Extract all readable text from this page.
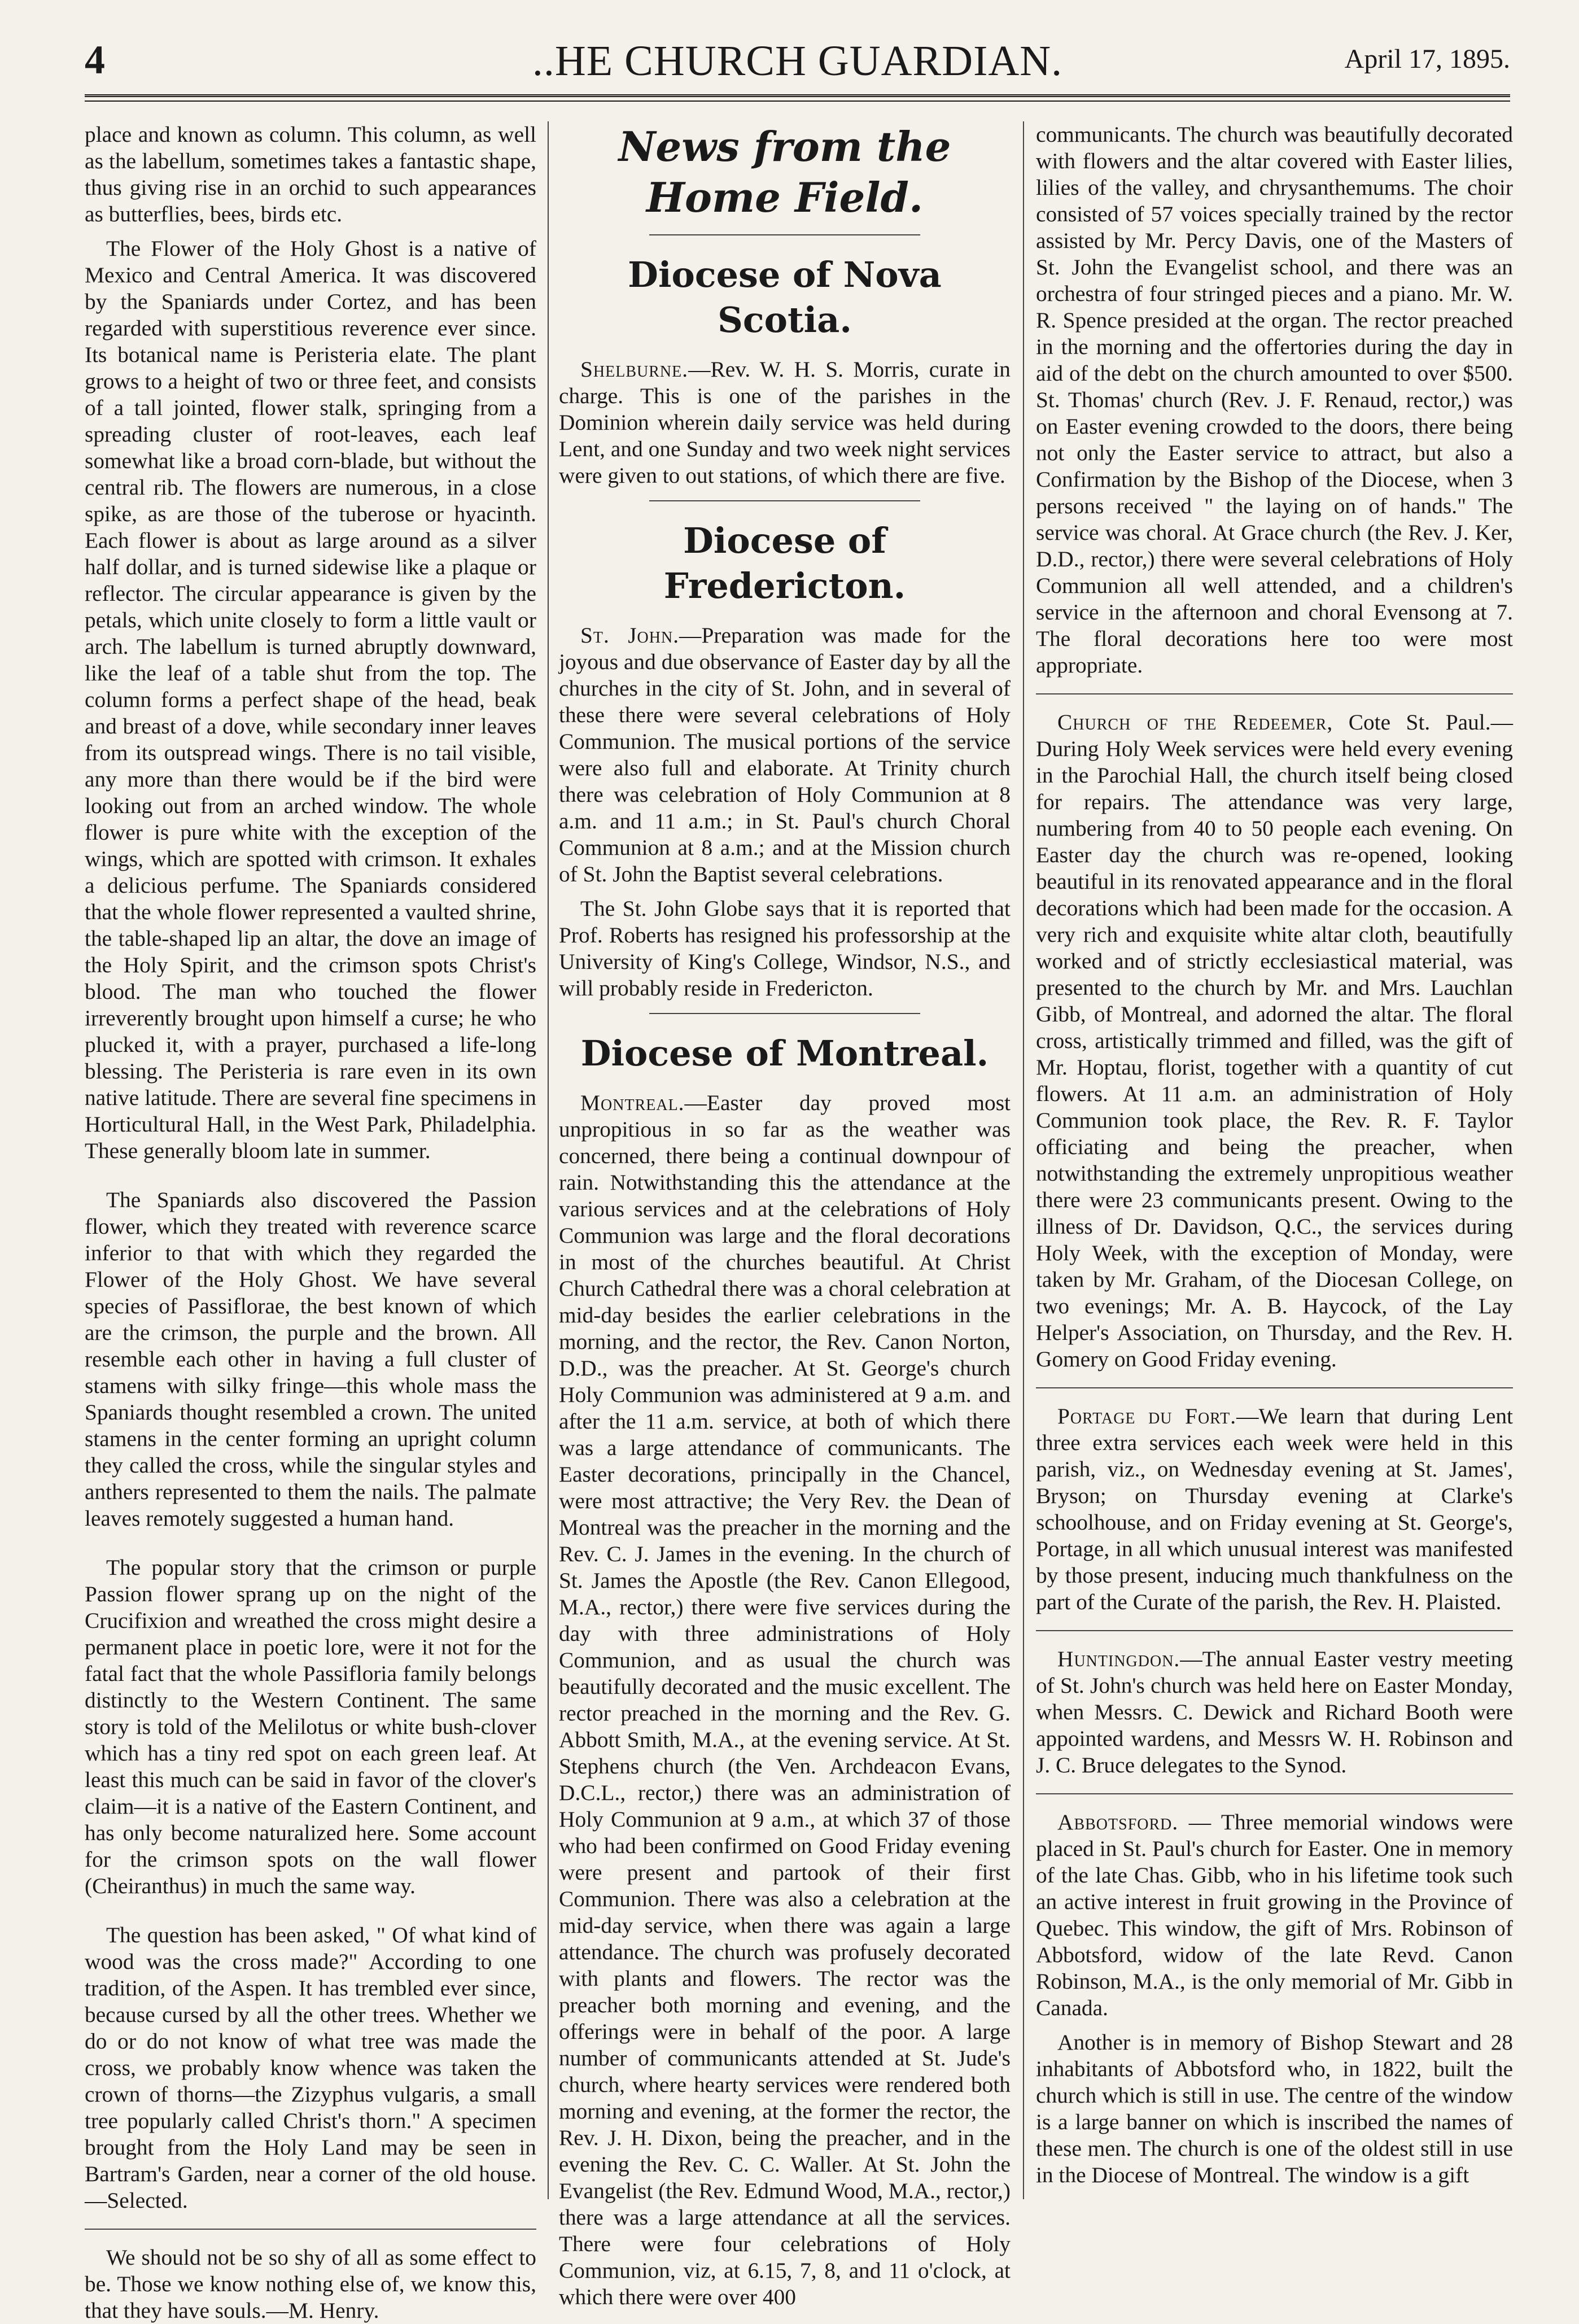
4	..HE CHURCH GUARDIAN.	April 17, 1895.

place and known as column. This column, as well as the labellum, sometimes takes a fantastic shape, thus giving rise in an orchid to such appearances as butterflies, bees, birds etc.

The Flower of the Holy Ghost is a native of Mexico and Central America. It was discovered by the Spaniards under Cortez, and has been regarded with superstitious reverence ever since. Its botanical name is Peristeria elate. The plant grows to a height of two or three feet, and consists of a tall jointed, flower stalk, springing from a spreading cluster of root-leaves, each leaf somewhat like a broad corn-blade, but without the central rib. The flowers are numerous, in a close spike, as are those of the tuberose or hyacinth. Each flower is about as large around as a silver half dollar, and is turned sidewise like a plaque or reflector. The circular appearance is given by the petals, which unite closely to form a little vault or arch. The labellum is turned abruptly downward, like the leaf of a table shut from the top. The column forms a perfect shape of the head, beak and breast of a dove, while secondary inner leaves from its outspread wings. There is no tail visible, any more than there would be if the bird were looking out from an arched window. The whole flower is pure white with the exception of the wings, which are spotted with crimson. It exhales a delicious perfume. The Spaniards considered that the whole flower represented a vaulted shrine, the table-shaped lip an altar, the dove an image of the Holy Spirit, and the crimson spots Christ's blood. The man who touched the flower irreverently brought upon himself a curse; he who plucked it, with a prayer, purchased a life-long blessing. The Peristeria is rare even in its own native latitude. There are several fine specimens in Horticultural Hall, in the West Park, Philadelphia. These generally bloom late in summer.

The Spaniards also discovered the Passion flower, which they treated with reverence scarce inferior to that with which they regarded the Flower of the Holy Ghost. We have several species of Passiflorae, the best known of which are the crimson, the purple and the brown. All resemble each other in having a full cluster of stamens with silky fringe—this whole mass the Spaniards thought resembled a crown. The united stamens in the center forming an upright column they called the cross, while the singular styles and anthers represented to them the nails. The palmate leaves remotely suggested a human hand.

The popular story that the crimson or purple Passion flower sprang up on the night of the Crucifixion and wreathed the cross might desire a permanent place in poetic lore, were it not for the fatal fact that the whole Passifloria family belongs distinctly to the Western Continent. The same story is told of the Melilotus or white bush-clover which has a tiny red spot on each green leaf. At least this much can be said in favor of the clover's claim—it is a native of the Eastern Continent, and has only become naturalized here. Some account for the crimson spots on the wall flower (Cheiranthus) in much the same way.

The question has been asked, " Of what kind of wood was the cross made?" According to one tradition, of the Aspen. It has trembled ever since, because cursed by all the other trees. Whether we do or do not know of what tree was made the cross, we probably know whence was taken the crown of thorns—the Zizyphus vulgaris, a small tree popularly called Christ's thorn." A specimen brought from the Holy Land may be seen in Bartram's Garden, near a corner of the old house.—Selected.

We should not be so shy of all as some effect to be. Those we know nothing else of, we know this, that they have souls.—M. Henry.

News from the Home Field.
Diocese of Nova Scotia.

Shelburne.—Rev. W. H. S. Morris, curate in charge. This is one of the parishes in the Dominion wherein daily service was held during Lent, and one Sunday and two week night services were given to out stations, of which there are five.

Diocese of Fredericton.

St. John.—Preparation was made for the joyous and due observance of Easter day by all the churches in the city of St. John, and in several of these there were several celebrations of Holy Communion. The musical portions of the service were also full and elaborate. At Trinity church there was celebration of Holy Communion at 8 a.m. and 11 a.m.; in St. Paul's church Choral Communion at 8 a.m.; and at the Mission church of St. John the Baptist several celebrations.

The St. John Globe says that it is reported that Prof. Roberts has resigned his professorship at the University of King's College, Windsor, N.S., and will probably reside in Fredericton.

Diocese of Montreal.

Montreal.—Easter day proved most unpropitious in so far as the weather was concerned, there being a continual downpour of rain. Notwithstanding this the attendance at the various services and at the celebrations of Holy Communion was large and the floral decorations in most of the churches beautiful. At Christ Church Cathedral there was a choral celebration at mid-day besides the earlier celebrations in the morning, and the rector, the Rev. Canon Norton, D.D., was the preacher. At St. George's church Holy Communion was administered at 9 a.m. and after the 11 a.m. service, at both of which there was a large attendance of communicants. The Easter decorations, principally in the Chancel, were most attractive; the Very Rev. the Dean of Montreal was the preacher in the morning and the Rev. C. J. James in the evening. In the church of St. James the Apostle (the Rev. Canon Ellegood, M.A., rector,) there were five services during the day with three administrations of Holy Communion, and as usual the church was beautifully decorated and the music excellent. The rector preached in the morning and the Rev. G. Abbott Smith, M.A., at the evening service. At St. Stephens church (the Ven. Archdeacon Evans, D.C.L., rector,) there was an administration of Holy Communion at 9 a.m., at which 37 of those who had been confirmed on Good Friday evening were present and partook of their first Communion. There was also a celebration at the mid-day service, when there was again a large attendance. The church was profusely decorated with plants and flowers. The rector was the preacher both morning and evening, and the offerings were in behalf of the poor. A large number of communicants attended at St. Jude's church, where hearty services were rendered both morning and evening, at the former the rector, the Rev. J. H. Dixon, being the preacher, and in the evening the Rev. C. C. Waller. At St. John the Evangelist (the Rev. Edmund Wood, M.A., rector,) there was a large attendance at all the services. There were four celebrations of Holy Communion, viz, at 6.15, 7, 8, and 11 o'clock, at which there were over 400

communicants. The church was beautifully decorated with flowers and the altar covered with Easter lilies, lilies of the valley, and chrysanthemums. The choir consisted of 57 voices specially trained by the rector assisted by Mr. Percy Davis, one of the Masters of St. John the Evangelist school, and there was an orchestra of four stringed pieces and a piano. Mr. W. R. Spence presided at the organ. The rector preached in the morning and the offertories during the day in aid of the debt on the church amounted to over $500. St. Thomas' church (Rev. J. F. Renaud, rector,) was on Easter evening crowded to the doors, there being not only the Easter service to attract, but also a Confirmation by the Bishop of the Diocese, when 3 persons received " the laying on of hands." The service was choral. At Grace church (the Rev. J. Ker, D.D., rector,) there were several celebrations of Holy Communion all well attended, and a children's service in the afternoon and choral Evensong at 7. The floral decorations here too were most appropriate.

Church of the Redeemer, Cote St. Paul.—During Holy Week services were held every evening in the Parochial Hall, the church itself being closed for repairs. The attendance was very large, numbering from 40 to 50 people each evening. On Easter day the church was re-opened, looking beautiful in its renovated appearance and in the floral decorations which had been made for the occasion. A very rich and exquisite white altar cloth, beautifully worked and of strictly ecclesiastical material, was presented to the church by Mr. and Mrs. Lauchlan Gibb, of Montreal, and adorned the altar. The floral cross, artistically trimmed and filled, was the gift of Mr. Hoptau, florist, together with a quantity of cut flowers. At 11 a.m. an administration of Holy Communion took place, the Rev. R. F. Taylor officiating and being the preacher, when notwithstanding the extremely unpropitious weather there were 23 communicants present. Owing to the illness of Dr. Davidson, Q.C., the services during Holy Week, with the exception of Monday, were taken by Mr. Graham, of the Diocesan College, on two evenings; Mr. A. B. Haycock, of the Lay Helper's Association, on Thursday, and the Rev. H. Gomery on Good Friday evening.

Portage du Fort.—We learn that during Lent three extra services each week were held in this parish, viz., on Wednesday evening at St. James', Bryson; on Thursday evening at Clarke's schoolhouse, and on Friday evening at St. George's, Portage, in all which unusual interest was manifested by those present, inducing much thankfulness on the part of the Curate of the parish, the Rev. H. Plaisted.

Huntingdon.—The annual Easter vestry meeting of St. John's church was held here on Easter Monday, when Messrs. C. Dewick and Richard Booth were appointed wardens, and Messrs W. H. Robinson and J. C. Bruce delegates to the Synod.

Abbotsford. — Three memorial windows were placed in St. Paul's church for Easter. One in memory of the late Chas. Gibb, who in his lifetime took such an active interest in fruit growing in the Province of Quebec. This window, the gift of Mrs. Robinson of Abbotsford, widow of the late Revd. Canon Robinson, M.A., is the only memorial of Mr. Gibb in Canada.

Another is in memory of Bishop Stewart and 28 inhabitants of Abbotsford who, in 1822, built the church which is still in use. The centre of the window is a large banner on which is inscribed the names of these men. The church is one of the oldest still in use in the Diocese of Montreal. The window is a gift
